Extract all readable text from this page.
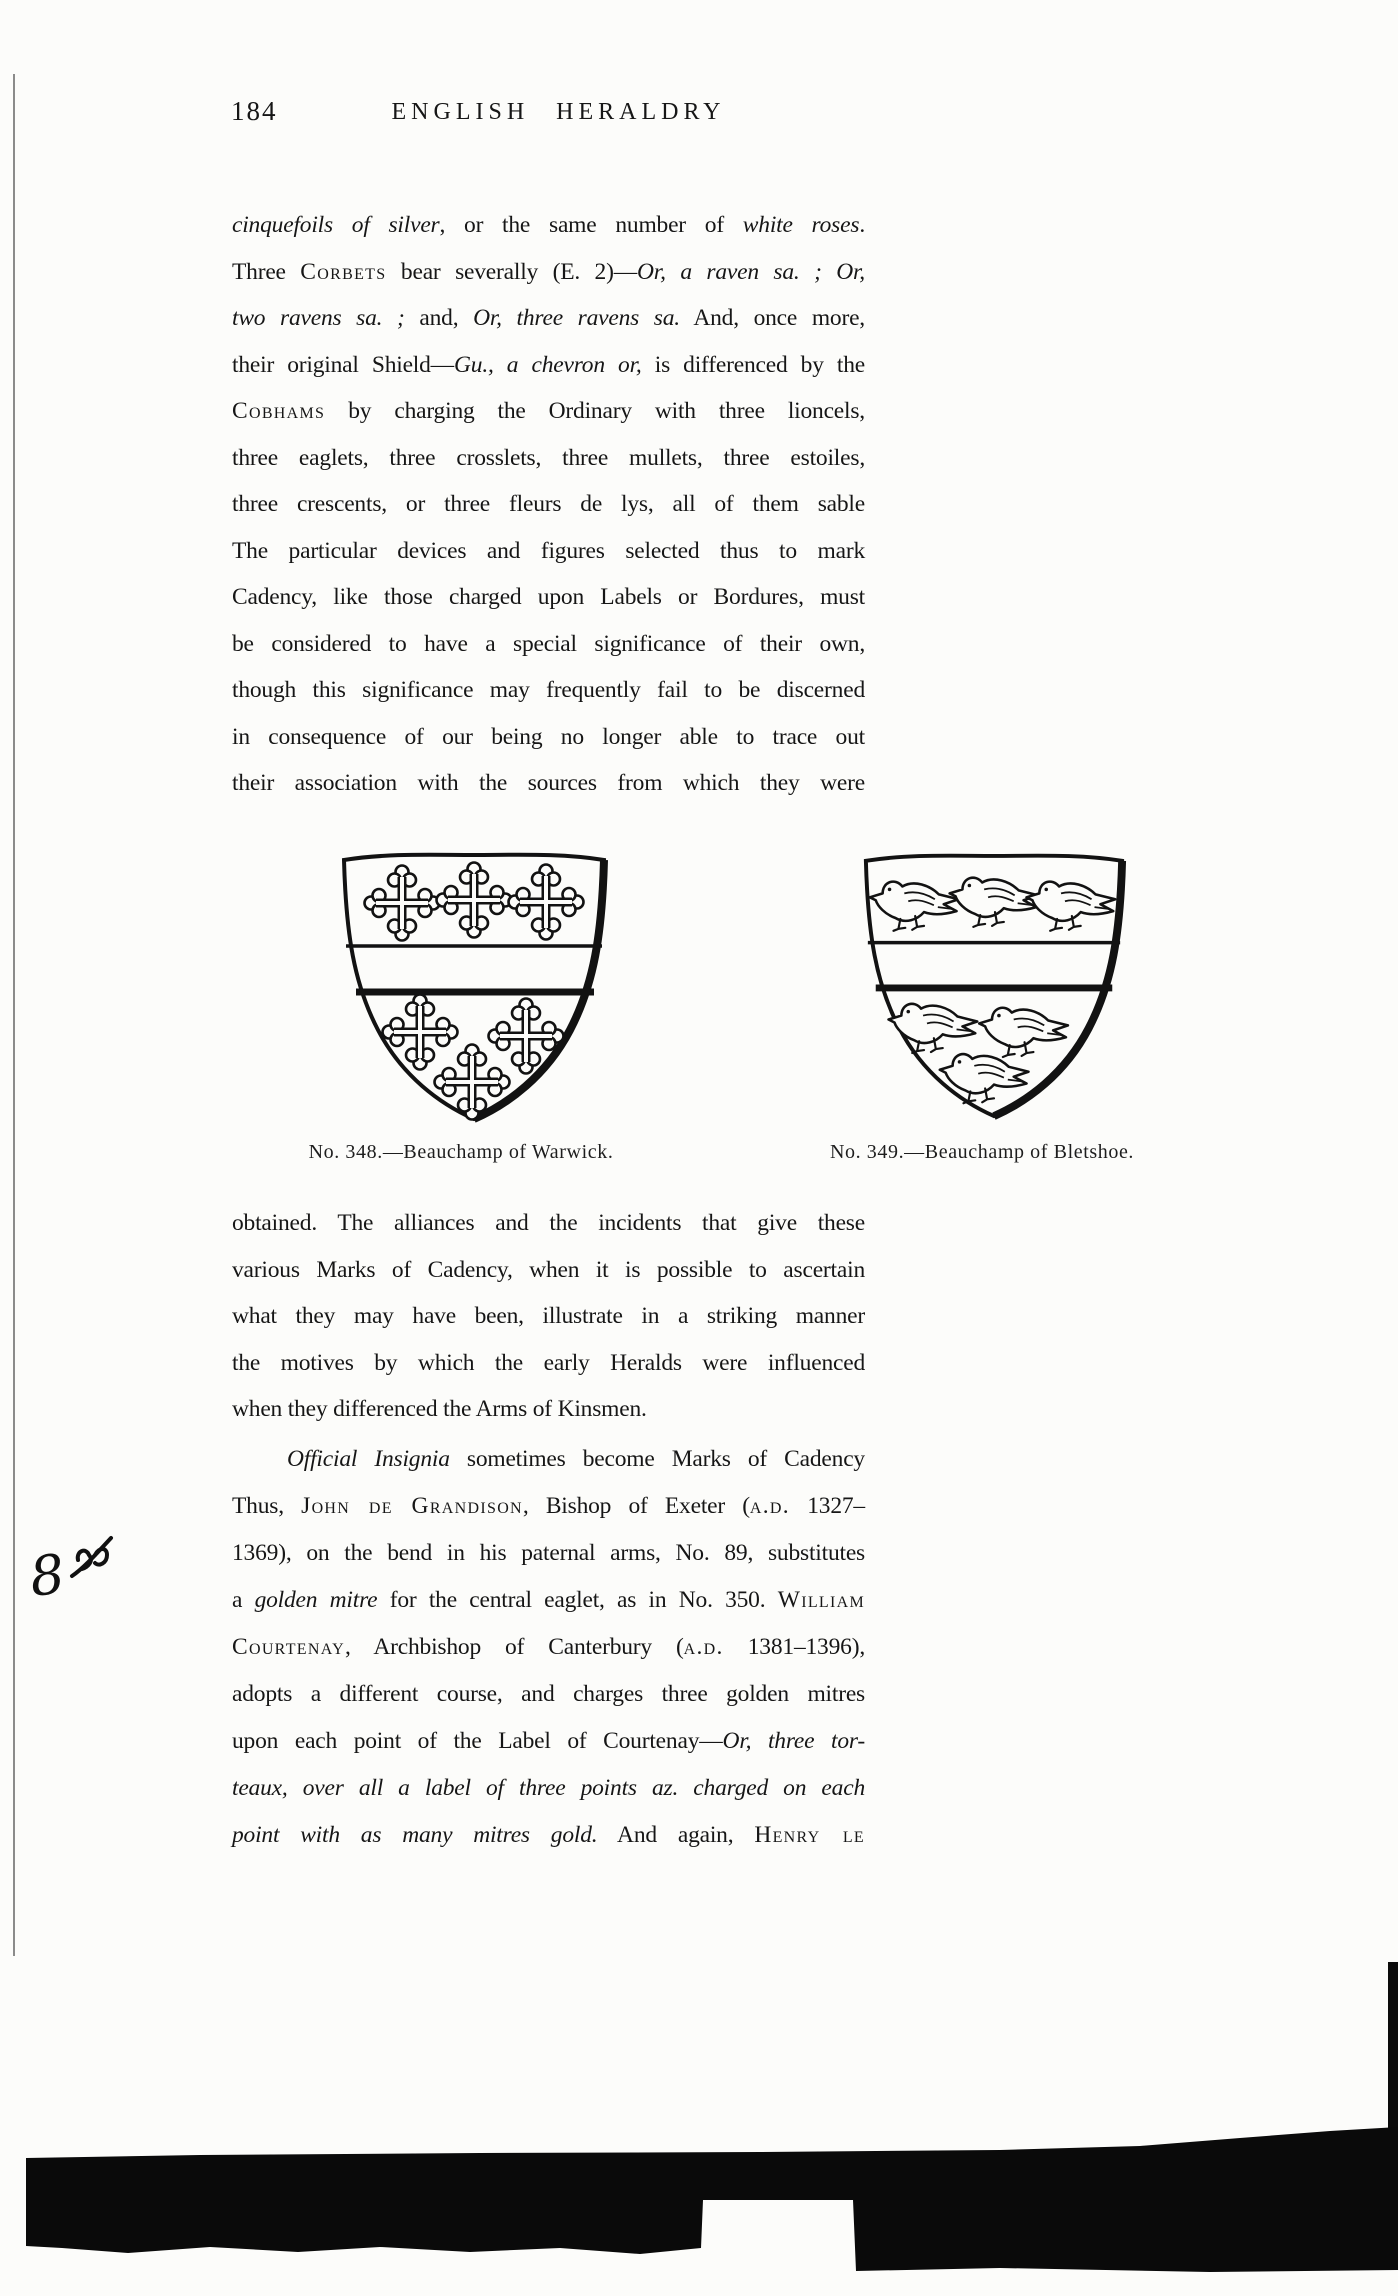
184	ENGLISH HERALDRY
cinquefoils of silver, or the same number of white roses.
Three Corbets bear severally (E. 2)—Or, a raven sa. ; Or,
two ravens sa. ; and, Or, three ravens sa. And, once more,
their original Shield—Gu., a chevron or, is differenced by the
Cobhams by charging the Ordinary with three lioncels,
three eaglets, three crosslets, three mullets, three estoiles,
three crescents, or three fleurs de lys, all of them sable
The particular devices and figures selected thus to mark
Cadency, like those charged upon Labels or Bordures, must
be considered to have a special significance of their own,
though this significance may frequently fail to be discerned
in consequence of our being no longer able to trace out
their association with the sources from which they were
No. 348.—Beauchamp of Warwick.	No. 349.—Beauchamp of Bletshoe.
obtained. The alliances and the incidents that give these
various Marks of Cadency, when it is possible to ascertain
what they may have been, illustrate in a striking manner
the motives by which the early Heralds were influenced
when they differenced the Arms of Kinsmen.
Official Insignia sometimes become Marks of Cadency
Thus, John de Grandison, Bishop of Exeter (a.d. 1327–
1369), on the bend in his paternal arms, No. 89, substitutes
a golden mitre for the central eaglet, as in No. 350. William
Courtenay, Archbishop of Canterbury (a.d. 1381–1396),
adopts a different course, and charges three golden mitres
upon each point of the Label of Courtenay—Or, three tor-
teaux, over all a label of three points az. charged on each
point with as many mitres gold. And again, Henry le
8
